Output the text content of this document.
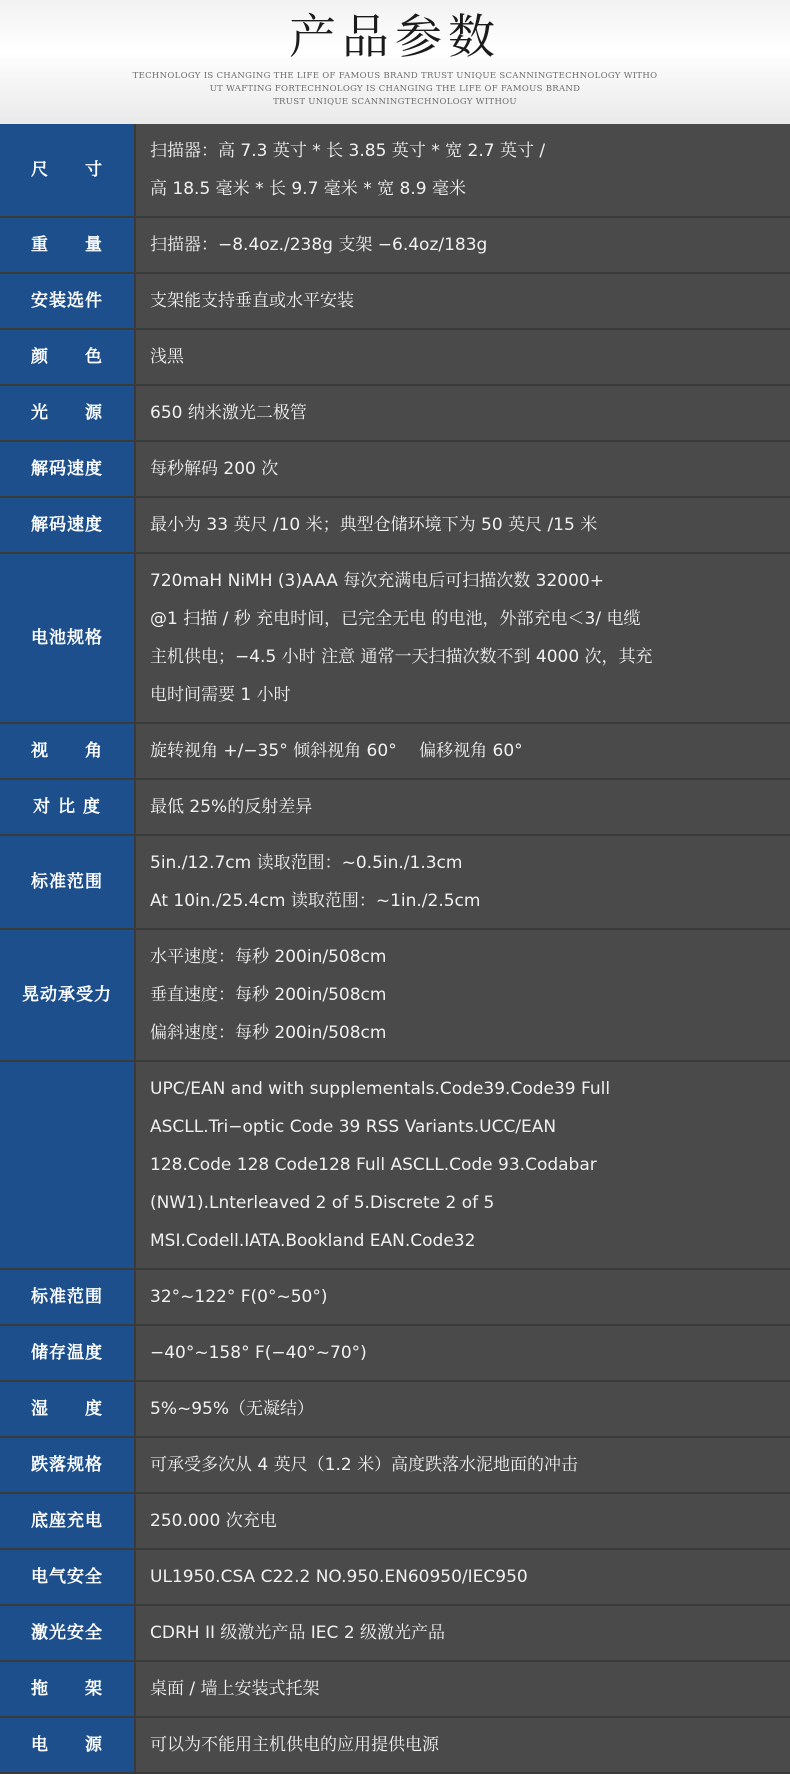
产品参数
TECHNOLOGY IS CHANGING THE LIFE OF FAMOUS BRAND TRUST UNIQUE SCANNINGTECHNOLOGY WITHO
UT WAFTING FORTECHNOLOGY IS CHANGING THE LIFE OF FAMOUS BRAND
TRUST UNIQUE SCANNINGTECHNOLOGY WITHOU
尺　　寸	扫描器：高 7.3 英寸 * 长 3.85 英寸 * 宽 2.7 英寸 /
高 18.5 毫米 * 长 9.7 毫米 * 宽 8.9 毫米

重　　量	扫描器：−8.4oz./238g 支架 −6.4oz/183g

安装选件	支架能支持垂直或水平安装

颜　　色	浅黑

光　　源	650 纳米激光二极管

解码速度	每秒解码 200 次

解码速度	最小为 33 英尺 /10 米；典型仓储环境下为 50 英尺 /15 米

电池规格	720maH NiMH (3)AAA 每次充满电后可扫描次数 32000+
@1 扫描 / 秒 充电时间，已完全无电 的电池，外部充电＜3/ 电缆
主机供电；−4.5 小时 注意 通常一天扫描次数不到 4000 次，其充
电时间需要 1 小时

视　　角	旋转视角 +/−35° 倾斜视角 60°　 偏移视角 60°

对 比 度	最低 25%的反射差异

标准范围	5in./12.7cm 读取范围：~0.5in./1.3cm
At 10in./25.4cm 读取范围：~1in./2.5cm

晃动承受力	水平速度：每秒 200in/508cm
垂直速度：每秒 200in/508cm
偏斜速度：每秒 200in/508cm

	UPC/EAN and with supplementals.Code39.Code39 Full
ASCLL.Tri−optic Code 39 RSS Variants.UCC/EAN
128.Code 128 Code128 Full ASCLL.Code 93.Codabar
(NW1).Lnterleaved 2 of 5.Discrete 2 of 5
MSI.Codell.IATA.Bookland EAN.Code32

标准范围	32°~122° F(0°~50°)

储存温度	−40°~158° F(−40°~70°)

湿　　度	5%~95%（无凝结）

跌落规格	可承受多次从 4 英尺（1.2 米）高度跌落水泥地面的冲击

底座充电	250.000 次充电

电气安全	UL1950.CSA C22.2 NO.950.EN60950/IEC950

激光安全	CDRH II 级激光产品 IEC 2 级激光产品

拖　　架	桌面 / 墙上安装式托架

电　　源	可以为不能用主机供电的应用提供电源
